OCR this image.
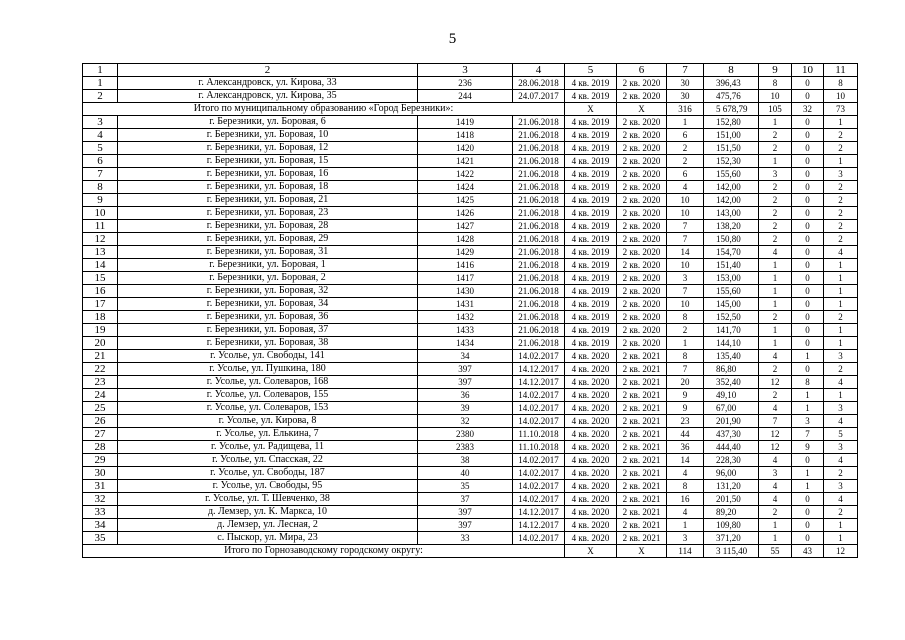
5
1	2	3	4	5	6	7	8	9	10	11
1	г. Александровск, ул. Кирова, 33	236	28.06.2018	4 кв. 2019	2 кв. 2020	30	396,43	8	0	8
2	г. Александровск, ул. Кирова, 35	244	24.07.2017	4 кв. 2019	2 кв. 2020	30	475,76	10	0	10
Итого по муниципальному образованию «Город Березники»:				X	X	316	5 678,79	105	32	73
3	г. Березники, ул. Боровая, 6	1419	21.06.2018	4 кв. 2019	2 кв. 2020	1	152,80	1	0	1
4	г. Березники, ул. Боровая, 10	1418	21.06.2018	4 кв. 2019	2 кв. 2020	6	151,00	2	0	2
5	г. Березники, ул. Боровая, 12	1420	21.06.2018	4 кв. 2019	2 кв. 2020	2	151,50	2	0	2
6	г. Березники, ул. Боровая, 15	1421	21.06.2018	4 кв. 2019	2 кв. 2020	2	152,30	1	0	1
7	г. Березники, ул. Боровая, 16	1422	21.06.2018	4 кв. 2019	2 кв. 2020	6	155,60	3	0	3
8	г. Березники, ул. Боровая, 18	1424	21.06.2018	4 кв. 2019	2 кв. 2020	4	142,00	2	0	2
9	г. Березники, ул. Боровая, 21	1425	21.06.2018	4 кв. 2019	2 кв. 2020	10	142,00	2	0	2
10	г. Березники, ул. Боровая, 23	1426	21.06.2018	4 кв. 2019	2 кв. 2020	10	143,00	2	0	2
11	г. Березники, ул. Боровая, 28	1427	21.06.2018	4 кв. 2019	2 кв. 2020	7	138,20	2	0	2
12	г. Березники, ул. Боровая, 29	1428	21.06.2018	4 кв. 2019	2 кв. 2020	7	150,80	2	0	2
13	г. Березники, ул. Боровая, 31	1429	21.06.2018	4 кв. 2019	2 кв. 2020	14	154,70	4	0	4
14	г. Березники, ул. Боровая, 1	1416	21.06.2018	4 кв. 2019	2 кв. 2020	10	151,40	1	0	1
15	г. Березники, ул. Боровая, 2	1417	21.06.2018	4 кв. 2019	2 кв. 2020	3	153,00	1	0	1
16	г. Березники, ул. Боровая, 32	1430	21.06.2018	4 кв. 2019	2 кв. 2020	7	155,60	1	0	1
17	г. Березники, ул. Боровая, 34	1431	21.06.2018	4 кв. 2019	2 кв. 2020	10	145,00	1	0	1
18	г. Березники, ул. Боровая, 36	1432	21.06.2018	4 кв. 2019	2 кв. 2020	8	152,50	2	0	2
19	г. Березники, ул. Боровая, 37	1433	21.06.2018	4 кв. 2019	2 кв. 2020	2	141,70	1	0	1
20	г. Березники, ул. Боровая, 38	1434	21.06.2018	4 кв. 2019	2 кв. 2020	1	144,10	1	0	1
21	г. Усолье, ул. Свободы, 141	34	14.02.2017	4 кв. 2020	2 кв. 2021	8	135,40	4	1	3
22	г. Усолье, ул. Пушкина, 180	397	14.12.2017	4 кв. 2020	2 кв. 2021	7	86,80	2	0	2
23	г. Усолье, ул. Солеваров, 168	397	14.12.2017	4 кв. 2020	2 кв. 2021	20	352,40	12	8	4
24	г. Усолье, ул. Солеваров, 155	36	14.02.2017	4 кв. 2020	2 кв. 2021	9	49,10	2	1	1
25	г. Усолье, ул. Солеваров, 153	39	14.02.2017	4 кв. 2020	2 кв. 2021	9	67,00	4	1	3
26	г. Усолье, ул. Кирова, 8	32	14.02.2017	4 кв. 2020	2 кв. 2021	23	201,90	7	3	4
27	г. Усолье, ул. Елькина, 7	2380	11.10.2018	4 кв. 2020	2 кв. 2021	44	437,30	12	7	5
28	г. Усолье, ул. Радищева, 11	2383	11.10.2018	4 кв. 2020	2 кв. 2021	36	444,40	12	9	3
29	г. Усолье, ул. Спасская, 22	38	14.02.2017	4 кв. 2020	2 кв. 2021	14	228,30	4	0	4
30	г. Усолье, ул. Свободы, 187	40	14.02.2017	4 кв. 2020	2 кв. 2021	4	96,00	3	1	2
31	г. Усолье, ул. Свободы, 95	35	14.02.2017	4 кв. 2020	2 кв. 2021	8	131,20	4	1	3
32	г. Усолье, ул. Т. Шевченко, 38	37	14.02.2017	4 кв. 2020	2 кв. 2021	16	201,50	4	0	4
33	д. Лемзер, ул. К. Маркса, 10	397	14.12.2017	4 кв. 2020	2 кв. 2021	4	89,20	2	0	2
34	д. Лемзер, ул. Лесная, 2	397	14.12.2017	4 кв. 2020	2 кв. 2021	1	109,80	1	0	1
35	с. Пыскор, ул. Мира, 23	33	14.02.2017	4 кв. 2020	2 кв. 2021	3	371,20	1	0	1
Итого по Горнозаводскому городскому округу:				X	X	114	3 115,40	55	43	12
